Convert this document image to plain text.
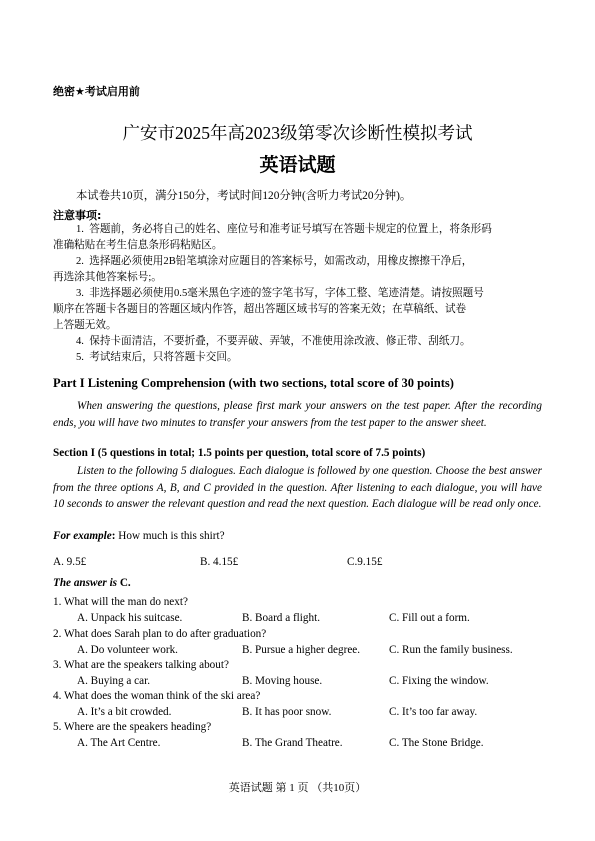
绝密★考试启用前
广安市2025年高2023级第零次诊断性模拟考试
英语试题
本试卷共10页，满分150分，考试时间120分钟(含听力考试20分钟)。
注意事项:
1. 答题前，务必将自己的姓名、座位号和准考证号填写在答题卡规定的位置上，将条形码
准确粘贴在考生信息条形码粘贴区。
2. 选择题必须使用2B铅笔填涂对应题目的答案标号，如需改动，用橡皮擦擦干净后，
再选涂其他答案标号;。
3. 非选择题必须使用0.5毫米黑色字迹的签字笔书写，字体工整、笔迹清楚。请按照题号
顺序在答题卡各题目的答题区域内作答，超出答题区域书写的答案无效；在草稿纸、试卷
上答题无效。
4. 保持卡面清洁，不要折叠，不要弄破、弄皱，不准使用涂改液、修正带、刮纸刀。
5. 考试结束后，只将答题卡交回。
Part I Listening Comprehension (with two sections, total score of 30 points)
When answering the questions, please first mark your answers on the test paper. After the recording ends, you will have two minutes to transfer your answers from the test paper to the answer sheet.
Section I (5 questions in total; 1.5 points per question, total score of 7.5 points)
Listen to the following 5 dialogues. Each dialogue is followed by one question. Choose the best answer from the three options A, B, and C provided in the question. After listening to each dialogue, you will have 10 seconds to answer the relevant question and read the next question. Each dialogue will be read only once.
For example: How much is this shirt?
A. 9.5£	B. 4.15£	C.9.15£
The answer is C.
1. What will the man do next?
A. Unpack his suitcase.	B. Board a flight.	C. Fill out a form.
2. What does Sarah plan to do after graduation?
A. Do volunteer work.	B. Pursue a higher degree.	C. Run the family business.
3. What are the speakers talking about?
A. Buying a car.	B. Moving house.	C. Fixing the window.
4. What does the woman think of the ski area?
A. It’s a bit crowded.	B. It has poor snow.	C. It’s too far away.
5. Where are the speakers heading?
A. The Art Centre.	B. The Grand Theatre.	C. The Stone Bridge.
英语试题 第 1 页 （共10页）
